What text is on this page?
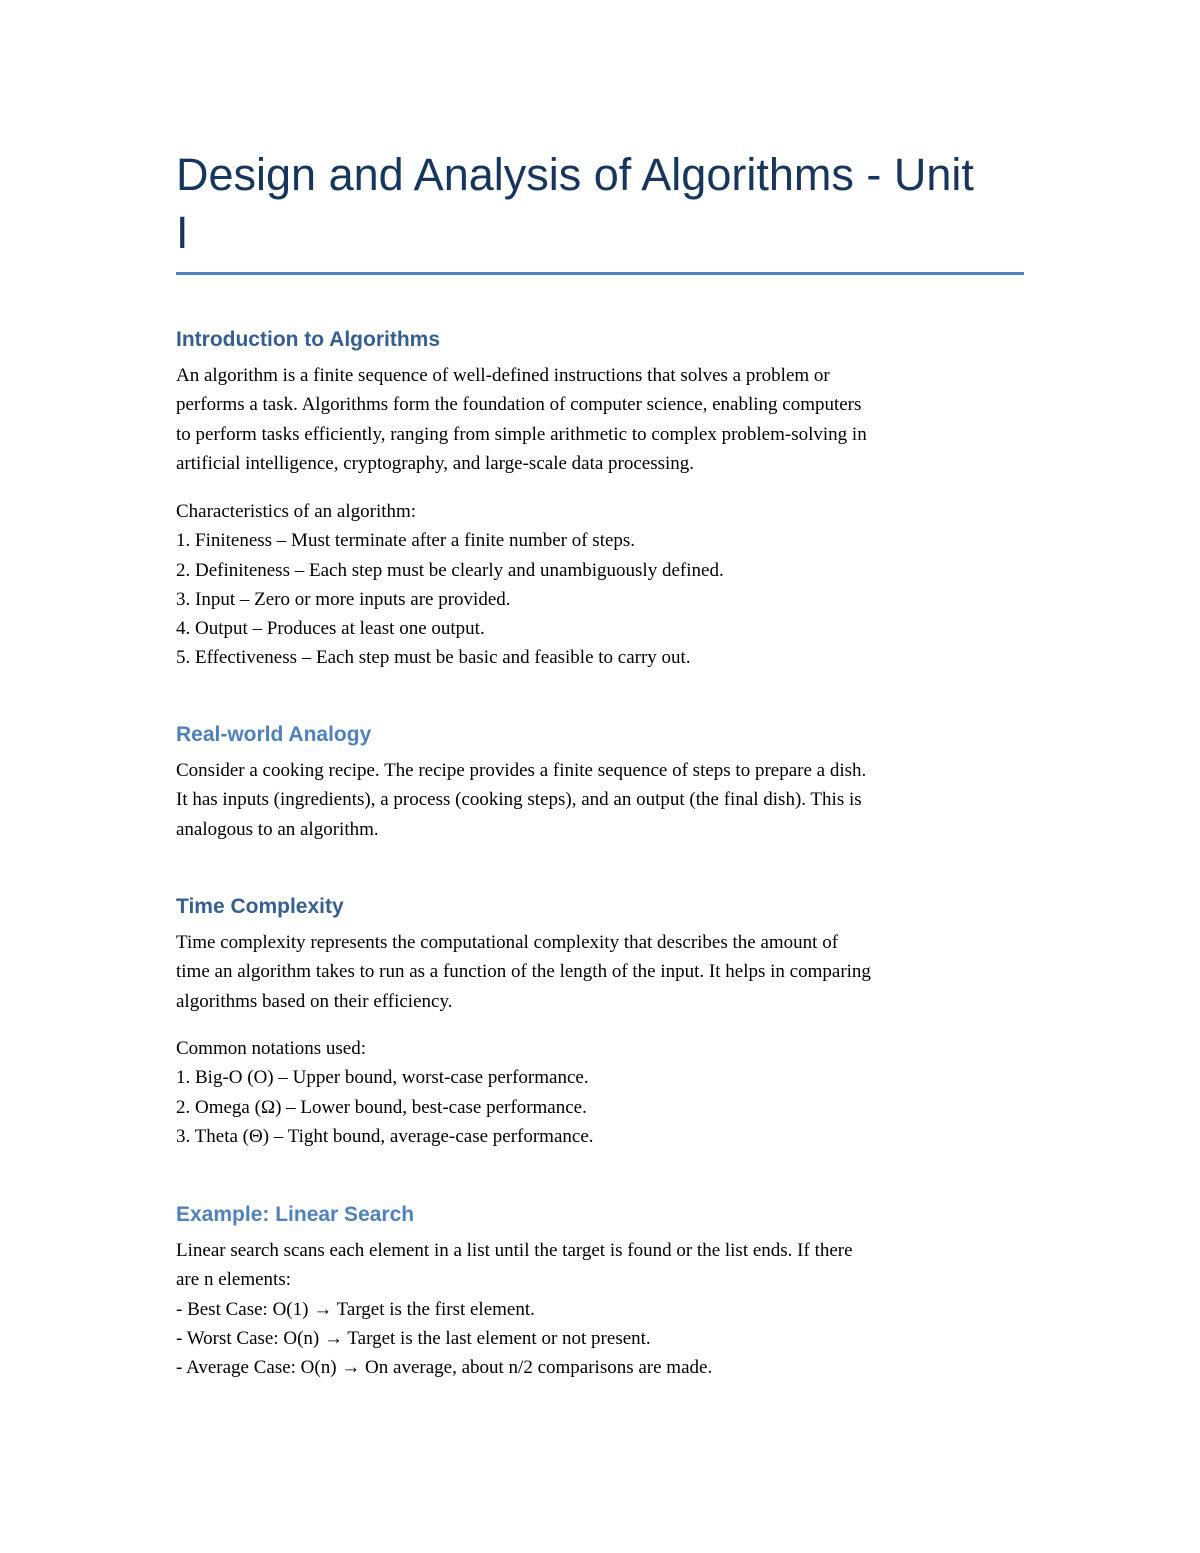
Design and Analysis of Algorithms - Unit
I
Introduction to Algorithms
An algorithm is a finite sequence of well-defined instructions that solves a problem or
performs a task. Algorithms form the foundation of computer science, enabling computers
to perform tasks efficiently, ranging from simple arithmetic to complex problem-solving in
artificial intelligence, cryptography, and large-scale data processing.
Characteristics of an algorithm:
1. Finiteness – Must terminate after a finite number of steps.
2. Definiteness – Each step must be clearly and unambiguously defined.
3. Input – Zero or more inputs are provided.
4. Output – Produces at least one output.
5. Effectiveness – Each step must be basic and feasible to carry out.
Real-world Analogy
Consider a cooking recipe. The recipe provides a finite sequence of steps to prepare a dish.
It has inputs (ingredients), a process (cooking steps), and an output (the final dish). This is
analogous to an algorithm.
Time Complexity
Time complexity represents the computational complexity that describes the amount of
time an algorithm takes to run as a function of the length of the input. It helps in comparing
algorithms based on their efficiency.
Common notations used:
1. Big-O (O) – Upper bound, worst-case performance.
2. Omega (Ω) – Lower bound, best-case performance.
3. Theta (Θ) – Tight bound, average-case performance.
Example: Linear Search
Linear search scans each element in a list until the target is found or the list ends. If there
are n elements:
- Best Case: O(1) → Target is the first element.
- Worst Case: O(n) → Target is the last element or not present.
- Average Case: O(n) → On average, about n/2 comparisons are made.
